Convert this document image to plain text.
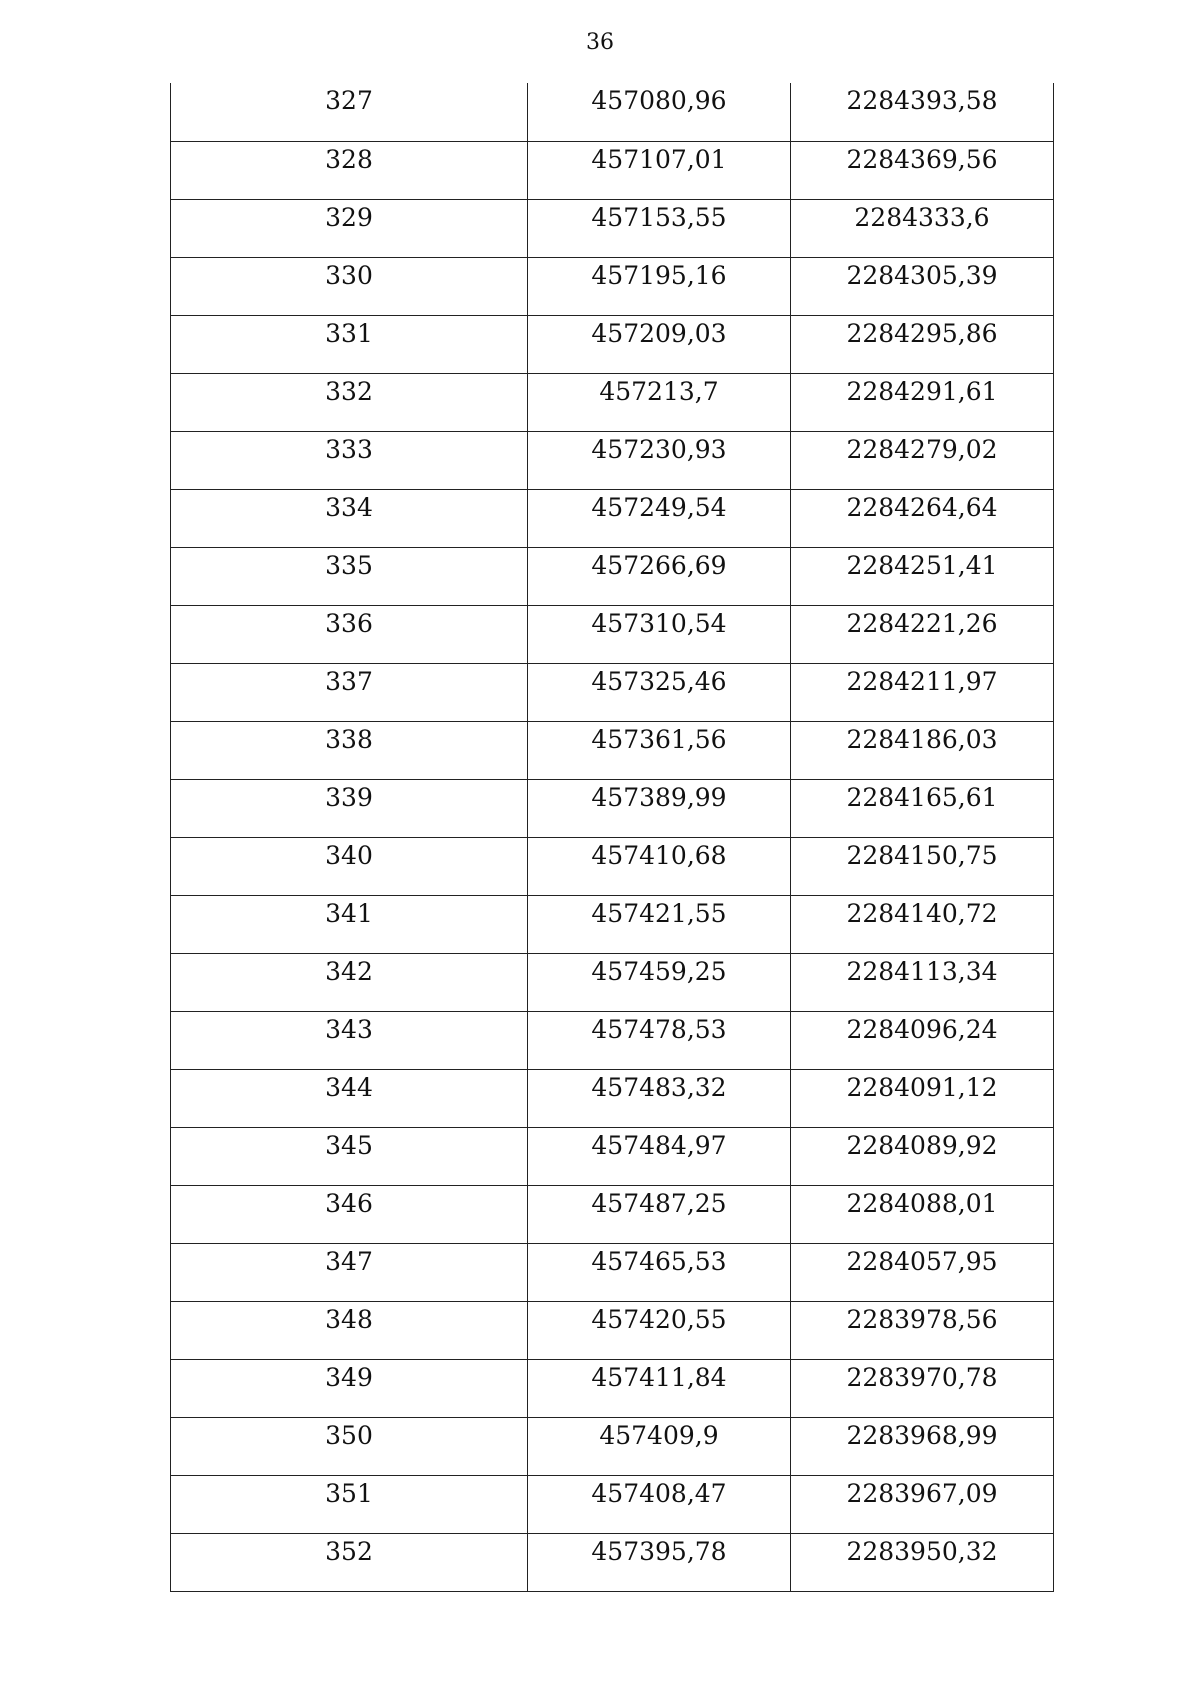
36
327	457080,96	2284393,58
328	457107,01	2284369,56
329	457153,55	2284333,6
330	457195,16	2284305,39
331	457209,03	2284295,86
332	457213,7	2284291,61
333	457230,93	2284279,02
334	457249,54	2284264,64
335	457266,69	2284251,41
336	457310,54	2284221,26
337	457325,46	2284211,97
338	457361,56	2284186,03
339	457389,99	2284165,61
340	457410,68	2284150,75
341	457421,55	2284140,72
342	457459,25	2284113,34
343	457478,53	2284096,24
344	457483,32	2284091,12
345	457484,97	2284089,92
346	457487,25	2284088,01
347	457465,53	2284057,95
348	457420,55	2283978,56
349	457411,84	2283970,78
350	457409,9	2283968,99
351	457408,47	2283967,09
352	457395,78	2283950,32
